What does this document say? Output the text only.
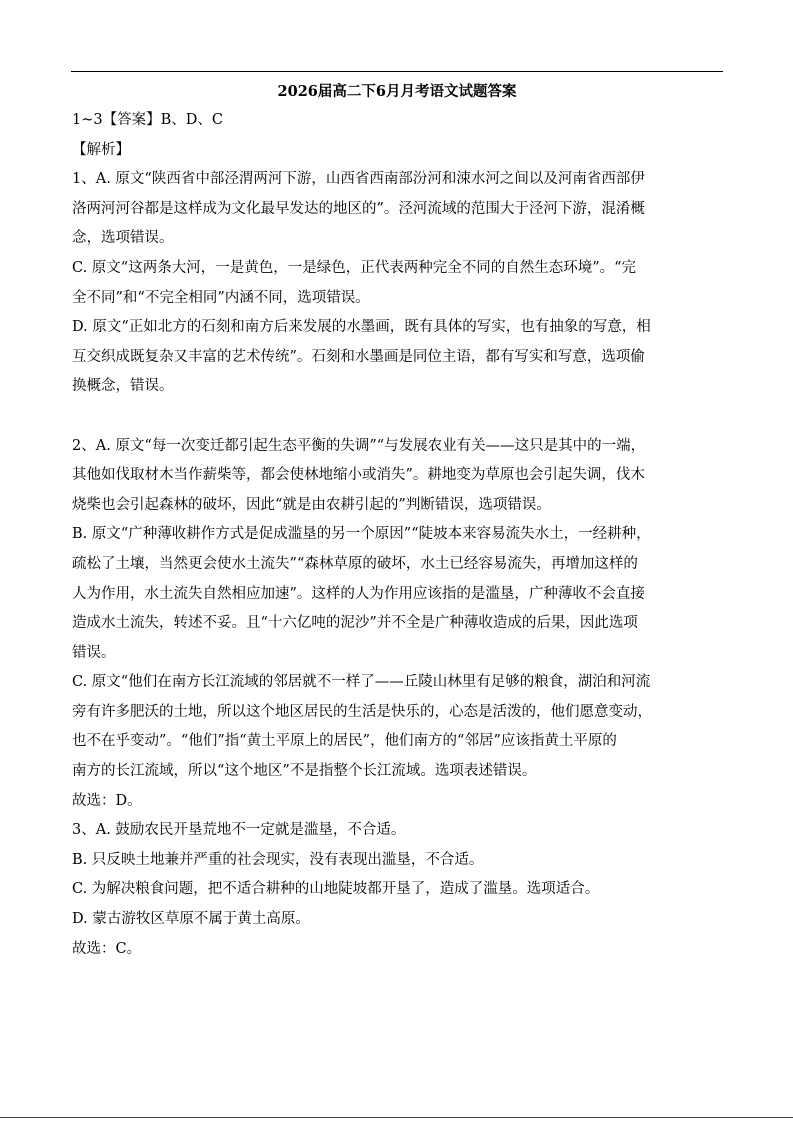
2026届高二下6月月考语文试题答案
1~3【答案】B、D、C
【解析】
1、A. 原文“陕西省中部泾渭两河下游，山西省西南部汾河和涑水河之间以及河南省西部伊
洛两河河谷都是这样成为文化最早发达的地区的”。泾河流域的范围大于泾河下游，混淆概
念，选项错误。
C. 原文“这两条大河，一是黄色，一是绿色，正代表两种完全不同的自然生态环境”。“完
全不同”和“不完全相同”内涵不同，选项错误。
D. 原文“正如北方的石刻和南方后来发展的水墨画，既有具体的写实，也有抽象的写意，相
互交织成既复杂又丰富的艺术传统”。石刻和水墨画是同位主语，都有写实和写意，选项偷
换概念，错误。
2、A. 原文“每一次变迁都引起生态平衡的失调”“与发展农业有关——这只是其中的一端，
其他如伐取材木当作薪柴等，都会使林地缩小或消失”。耕地变为草原也会引起失调，伐木
烧柴也会引起森林的破坏，因此“就是由农耕引起的”判断错误，选项错误。
B. 原文“广种薄收耕作方式是促成滥垦的另一个原因”“陡坡本来容易流失水土，一经耕种，
疏松了土壤，当然更会使水土流失”“森林草原的破坏，水土已经容易流失，再增加这样的
人为作用，水土流失自然相应加速”。这样的人为作用应该指的是滥垦，广种薄收不会直接
造成水土流失，转述不妥。且“十六亿吨的泥沙”并不全是广种薄收造成的后果，因此选项
错误。
C. 原文“他们在南方长江流域的邻居就不一样了——丘陵山林里有足够的粮食，湖泊和河流
旁有许多肥沃的土地，所以这个地区居民的生活是快乐的，心态是活泼的，他们愿意变动，
也不在乎变动”。“他们”指“黄土平原上的居民”，他们南方的“邻居”应该指黄土平原的
南方的长江流域，所以“这个地区”不是指整个长江流域。选项表述错误。
故选：D。
3、A. 鼓励农民开垦荒地不一定就是滥垦，不合适。
B. 只反映土地兼并严重的社会现实，没有表现出滥垦，不合适。
C. 为解决粮食问题，把不适合耕种的山地陡坡都开垦了，造成了滥垦。选项适合。
D. 蒙古游牧区草原不属于黄土高原。
故选：C。
